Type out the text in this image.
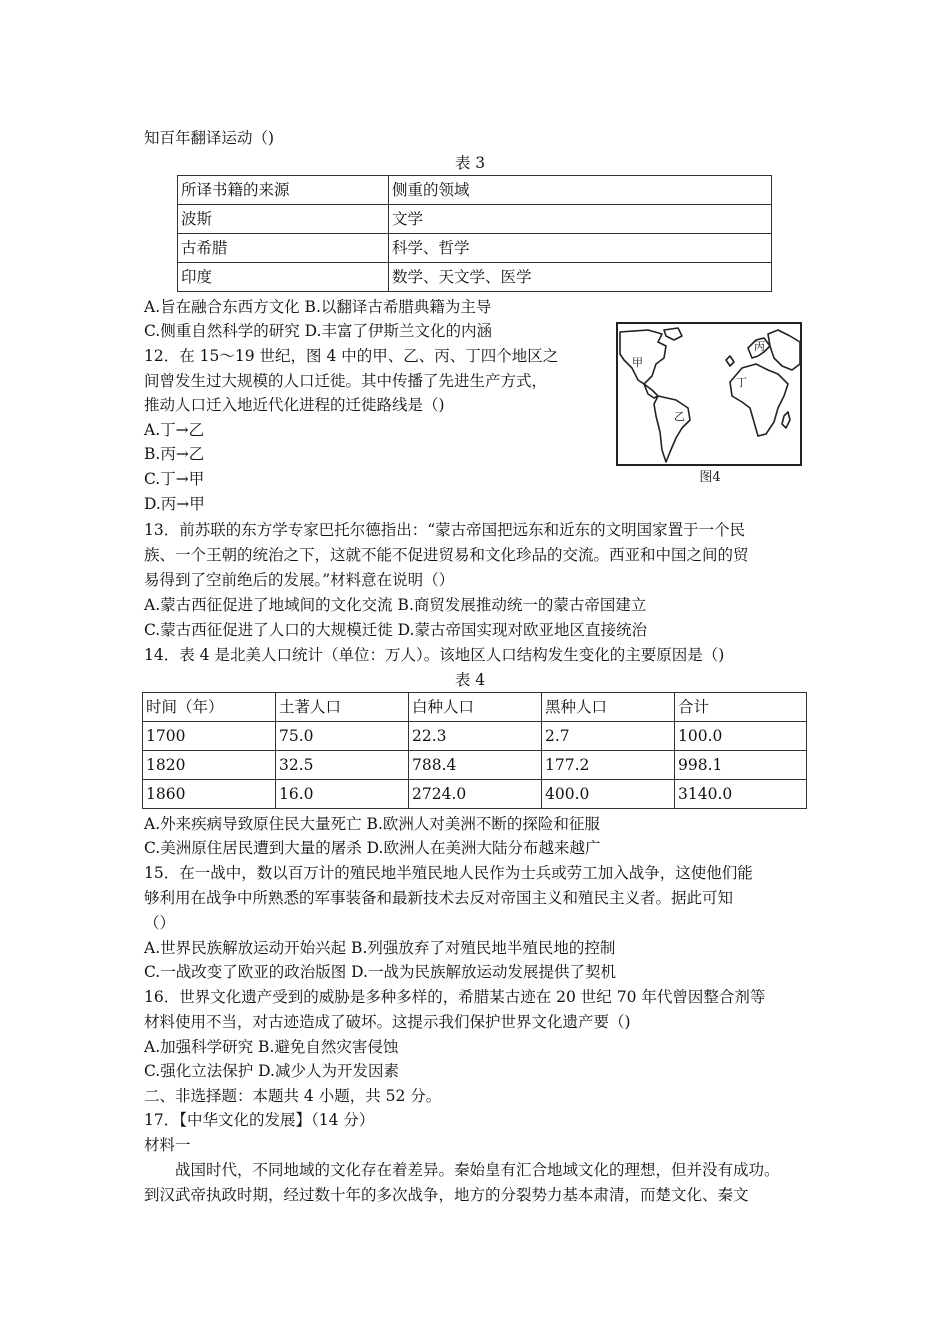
知百年翻译运动（)
表 3
所译书籍的来源	侧重的领域
波斯	文学
古希腊	科学、哲学
印度	数学、天文学、医学
A.旨在融合东西方文化 B.以翻译古希腊典籍为主导
C.侧重自然科学的研究 D.丰富了伊斯兰文化的内涵
12．在 15～19 世纪，图 4 中的甲、乙、丙、丁四个地区之
间曾发生过大规模的人口迁徙。其中传播了先进生产方式，
推动人口迁入地近代化进程的迁徙路线是（)
A.丁→乙
B.丙→乙
C.丁→甲
D.丙→甲
甲
乙
丙
丁
图4
13．前苏联的东方学专家巴托尔德指出：“蒙古帝国把远东和近东的文明国家置于一个民
族、一个王朝的统治之下，这就不能不促进贸易和文化珍品的交流。西亚和中国之间的贸
易得到了空前绝后的发展。”材料意在说明（）
A.蒙古西征促进了地域间的文化交流 B.商贸发展推动统一的蒙古帝国建立
C.蒙古西征促进了人口的大规模迁徙 D.蒙古帝国实现对欧亚地区直接统治
14．表 4 是北美人口统计（单位：万人）。该地区人口结构发生变化的主要原因是（)
表 4
时间（年）	土著人口	白种人口	黑种人口	合计
1700	75.0	22.3	2.7	100.0
1820	32.5	788.4	177.2	998.1
1860	16.0	2724.0	400.0	3140.0
A.外来疾病导致原住民大量死亡 B.欧洲人对美洲不断的探险和征服
C.美洲原住居民遭到大量的屠杀 D.欧洲人在美洲大陆分布越来越广
15．在一战中，数以百万计的殖民地半殖民地人民作为士兵或劳工加入战争，这使他们能
够利用在战争中所熟悉的军事装备和最新技术去反对帝国主义和殖民主义者。据此可知
（）
A.世界民族解放运动开始兴起 B.列强放弃了对殖民地半殖民地的控制
C.一战改变了欧亚的政治版图 D.一战为民族解放运动发展提供了契机
16．世界文化遗产受到的威胁是多种多样的，希腊某古迹在 20 世纪 70 年代曾因整合剂等
材料使用不当，对古迹造成了破坏。这提示我们保护世界文化遗产要（)
A.加强科学研究 B.避免自然灾害侵蚀
C.强化立法保护 D.减少人为开发因素
二、非选择题：本题共 4 小题，共 52 分。
17．【中华文化的发展】（14 分）
材料一
战国时代，不同地域的文化存在着差异。秦始皇有汇合地域文化的理想，但并没有成功。
到汉武帝执政时期，经过数十年的多次战争，地方的分裂势力基本肃清，而楚文化、秦文
